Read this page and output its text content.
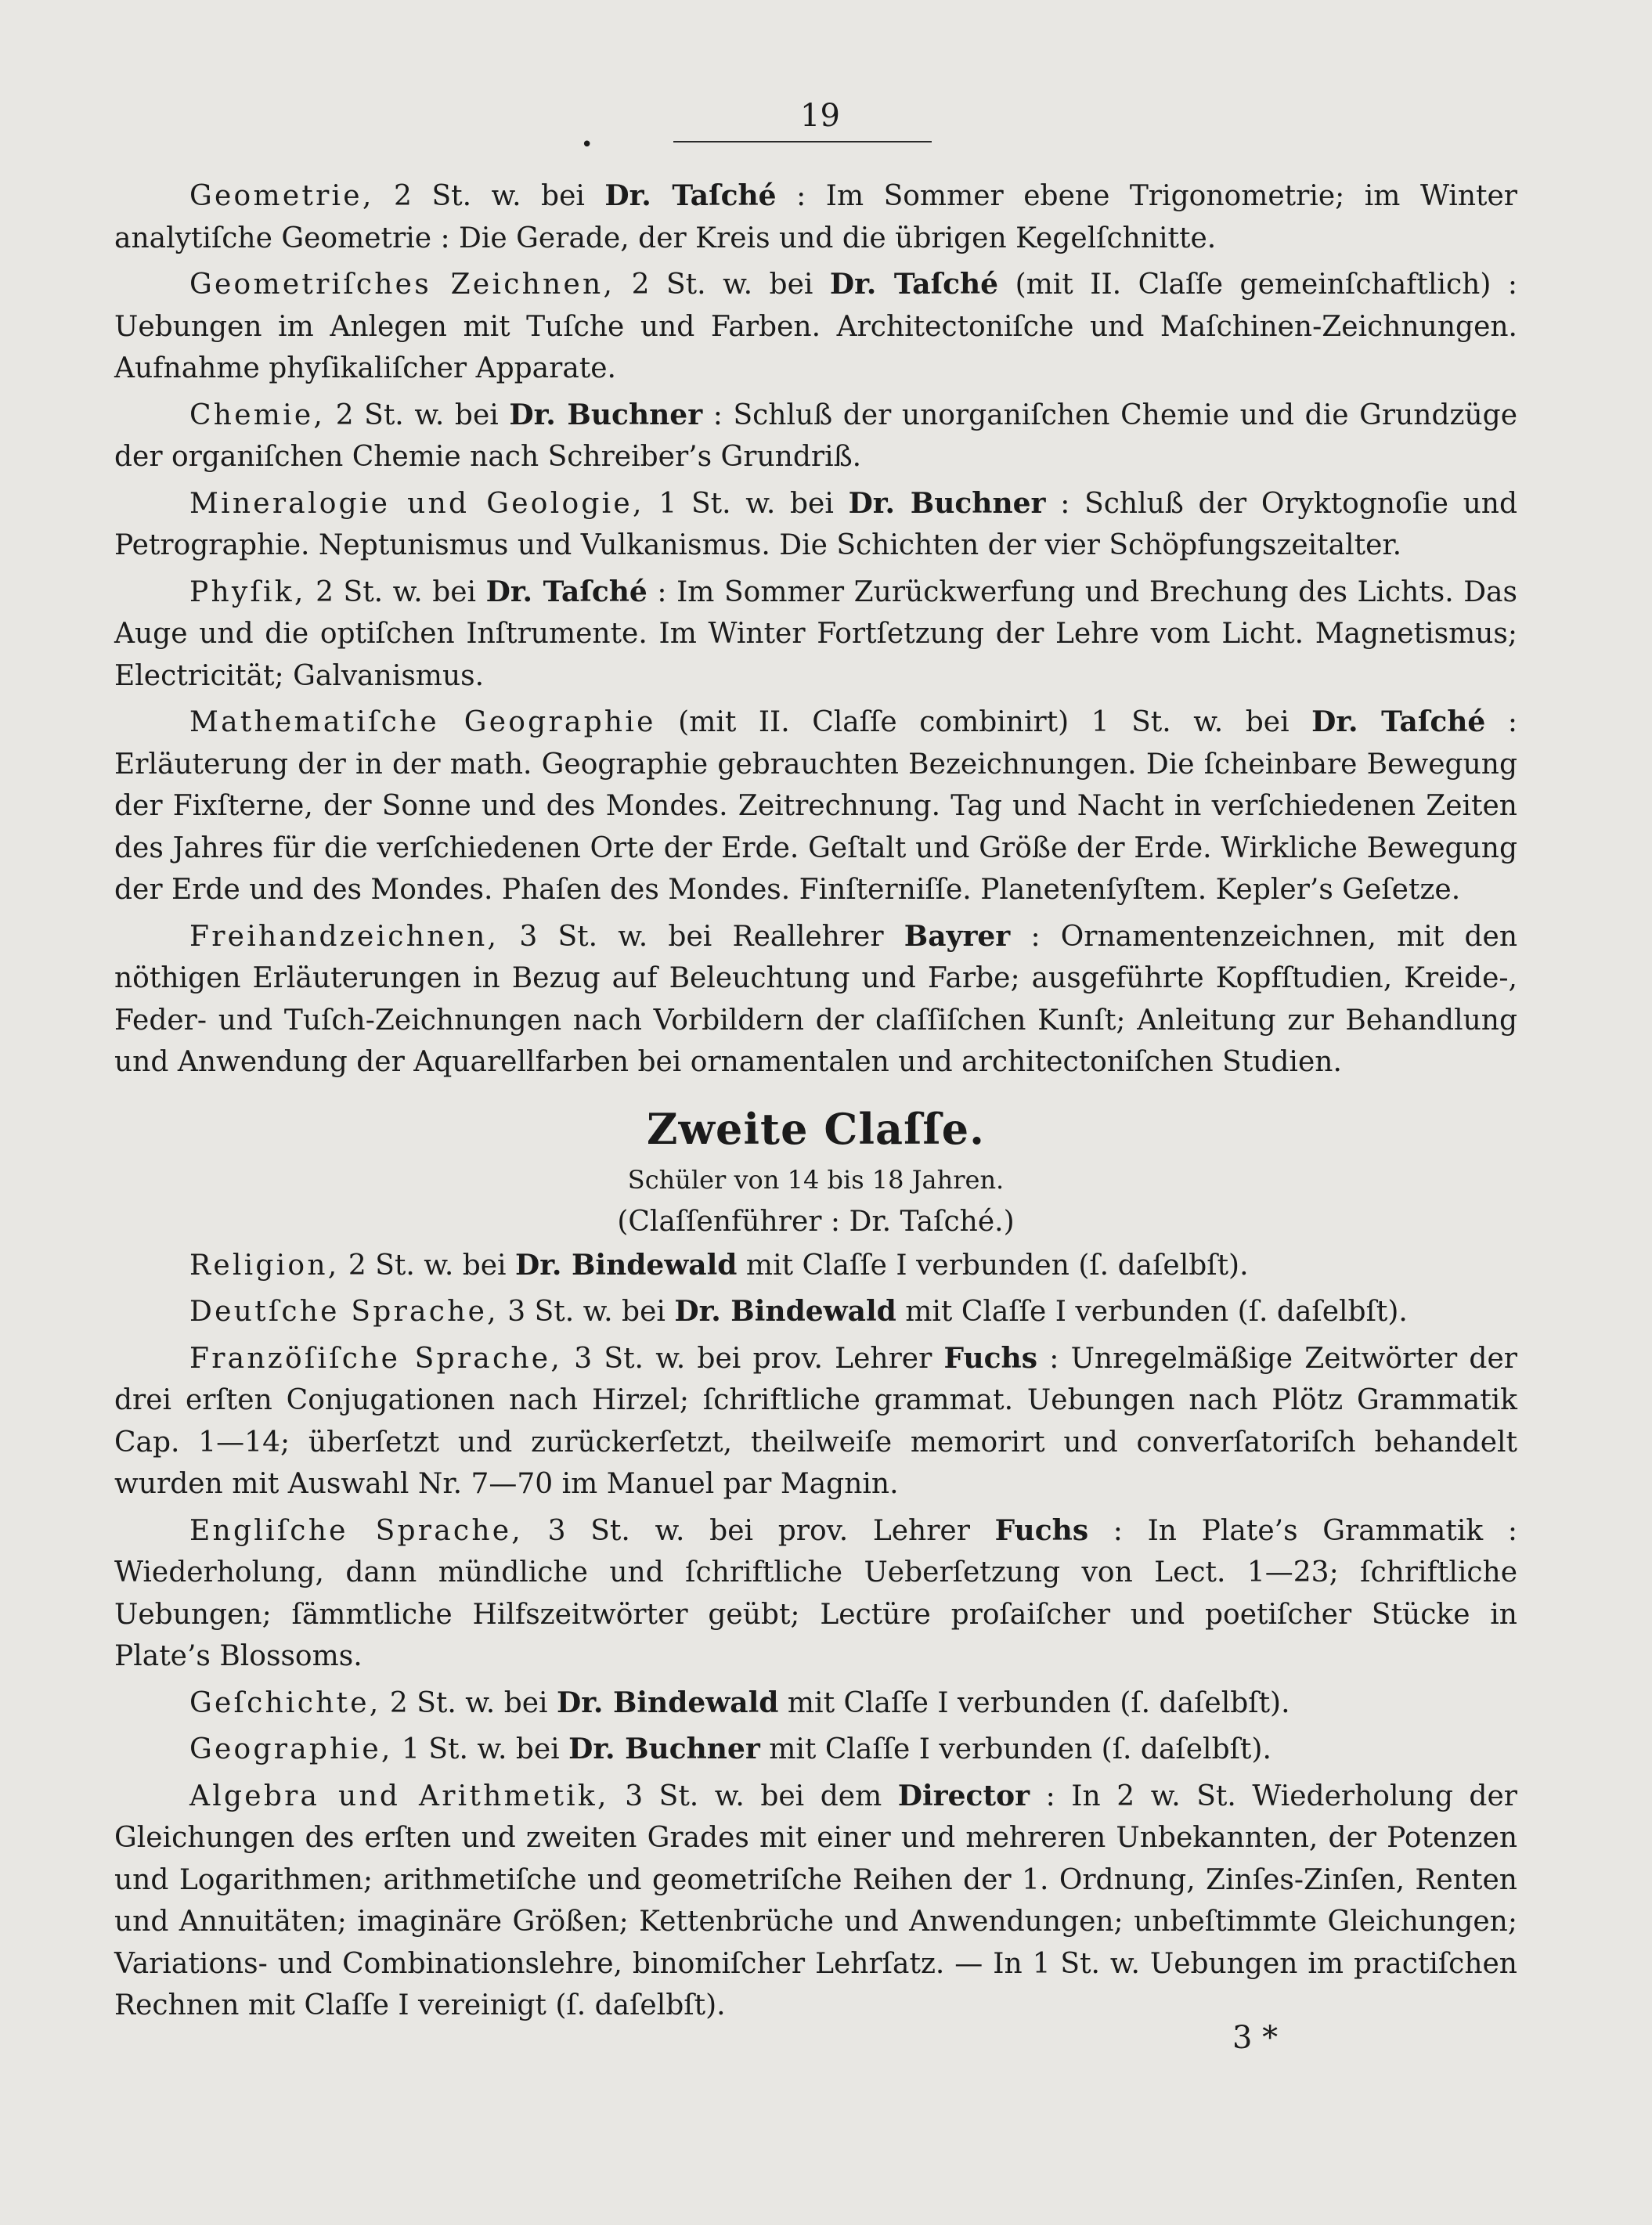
•
19

Geometrie, 2 St. w. bei Dr. Taſché : Im Sommer ebene Trigonometrie; im Winter analytiſche Geometrie : Die Gerade, der Kreis und die übrigen Kegelſchnitte.

Geometriſches Zeichnen, 2 St. w. bei Dr. Taſché (mit II. Claſſe gemeinſchaftlich) : Uebungen im Anlegen mit Tuſche und Farben. Architectoniſche und Maſchinen-Zeichnungen. Aufnahme phyſikaliſcher Apparate.

Chemie, 2 St. w. bei Dr. Buchner : Schluß der unorganiſchen Chemie und die Grundzüge der organiſchen Chemie nach Schreiber’s Grundriß.

Mineralogie und Geologie, 1 St. w. bei Dr. Buchner : Schluß der Oryktognoſie und Petrographie. Neptunismus und Vulkanismus. Die Schichten der vier Schöpfungszeitalter.

Phyſik, 2 St. w. bei Dr. Taſché : Im Sommer Zurückwerfung und Brechung des Lichts. Das Auge und die optiſchen Inſtrumente. Im Winter Fortſetzung der Lehre vom Licht. Magnetismus; Electricität; Galvanismus.

Mathematiſche Geographie (mit II. Claſſe combinirt) 1 St. w. bei Dr. Taſché : Erläuterung der in der math. Geographie gebrauchten Bezeichnungen. Die ſcheinbare Bewegung der Fixſterne, der Sonne und des Mondes. Zeitrechnung. Tag und Nacht in verſchiedenen Zeiten des Jahres für die verſchiedenen Orte der Erde. Geſtalt und Größe der Erde. Wirkliche Bewegung der Erde und des Mondes. Phaſen des Mondes. Finſterniſſe. Planetenſyſtem. Kepler’s Geſetze.

Freihandzeichnen, 3 St. w. bei Reallehrer Bayrer : Ornamentenzeichnen, mit den nöthigen Erläuterungen in Bezug auf Beleuchtung und Farbe; ausgeführte Kopfſtudien, Kreide-, Feder- und Tuſch-Zeichnungen nach Vorbildern der claſſiſchen Kunſt; Anleitung zur Behandlung und Anwendung der Aquarellfarben bei ornamentalen und architectoniſchen Studien.

Zweite Claſſe.
Schüler von 14 bis 18 Jahren.
(Claſſenführer : Dr. Taſché.)

Religion, 2 St. w. bei Dr. Bindewald mit Claſſe I verbunden (ſ. daſelbſt).

Deutſche Sprache, 3 St. w. bei Dr. Bindewald mit Claſſe I verbunden (ſ. daſelbſt).

Franzöſiſche Sprache, 3 St. w. bei prov. Lehrer Fuchs : Unregelmäßige Zeitwörter der drei erſten Conjugationen nach Hirzel; ſchriftliche grammat. Uebungen nach Plötz Grammatik Cap. 1—14; überſetzt und zurückerſetzt, theilweiſe memorirt und converſatoriſch behandelt wurden mit Auswahl Nr. 7—70 im Manuel par Magnin.

Engliſche Sprache, 3 St. w. bei prov. Lehrer Fuchs : In Plate’s Grammatik : Wiederholung, dann mündliche und ſchriftliche Ueberſetzung von Lect. 1—23; ſchriftliche Uebungen; ſämmtliche Hilfszeitwörter geübt; Lectüre proſaiſcher und poetiſcher Stücke in Plate’s Blossoms.

Geſchichte, 2 St. w. bei Dr. Bindewald mit Claſſe I verbunden (ſ. daſelbſt).

Geographie, 1 St. w. bei Dr. Buchner mit Claſſe I verbunden (ſ. daſelbſt).

Algebra und Arithmetik, 3 St. w. bei dem Director : In 2 w. St. Wiederholung der Gleichungen des erſten und zweiten Grades mit einer und mehreren Unbekannten, der Potenzen und Logarithmen; arithmetiſche und geometriſche Reihen der 1. Ordnung, Zinſes-Zinſen, Renten und Annuitäten; imaginäre Größen; Kettenbrüche und Anwendungen; unbeſtimmte Gleichungen; Variations- und Combinationslehre, binomiſcher Lehrſatz. — In 1 St. w. Uebungen im practiſchen Rechnen mit Claſſe I vereinigt (ſ. daſelbſt).

3 *
